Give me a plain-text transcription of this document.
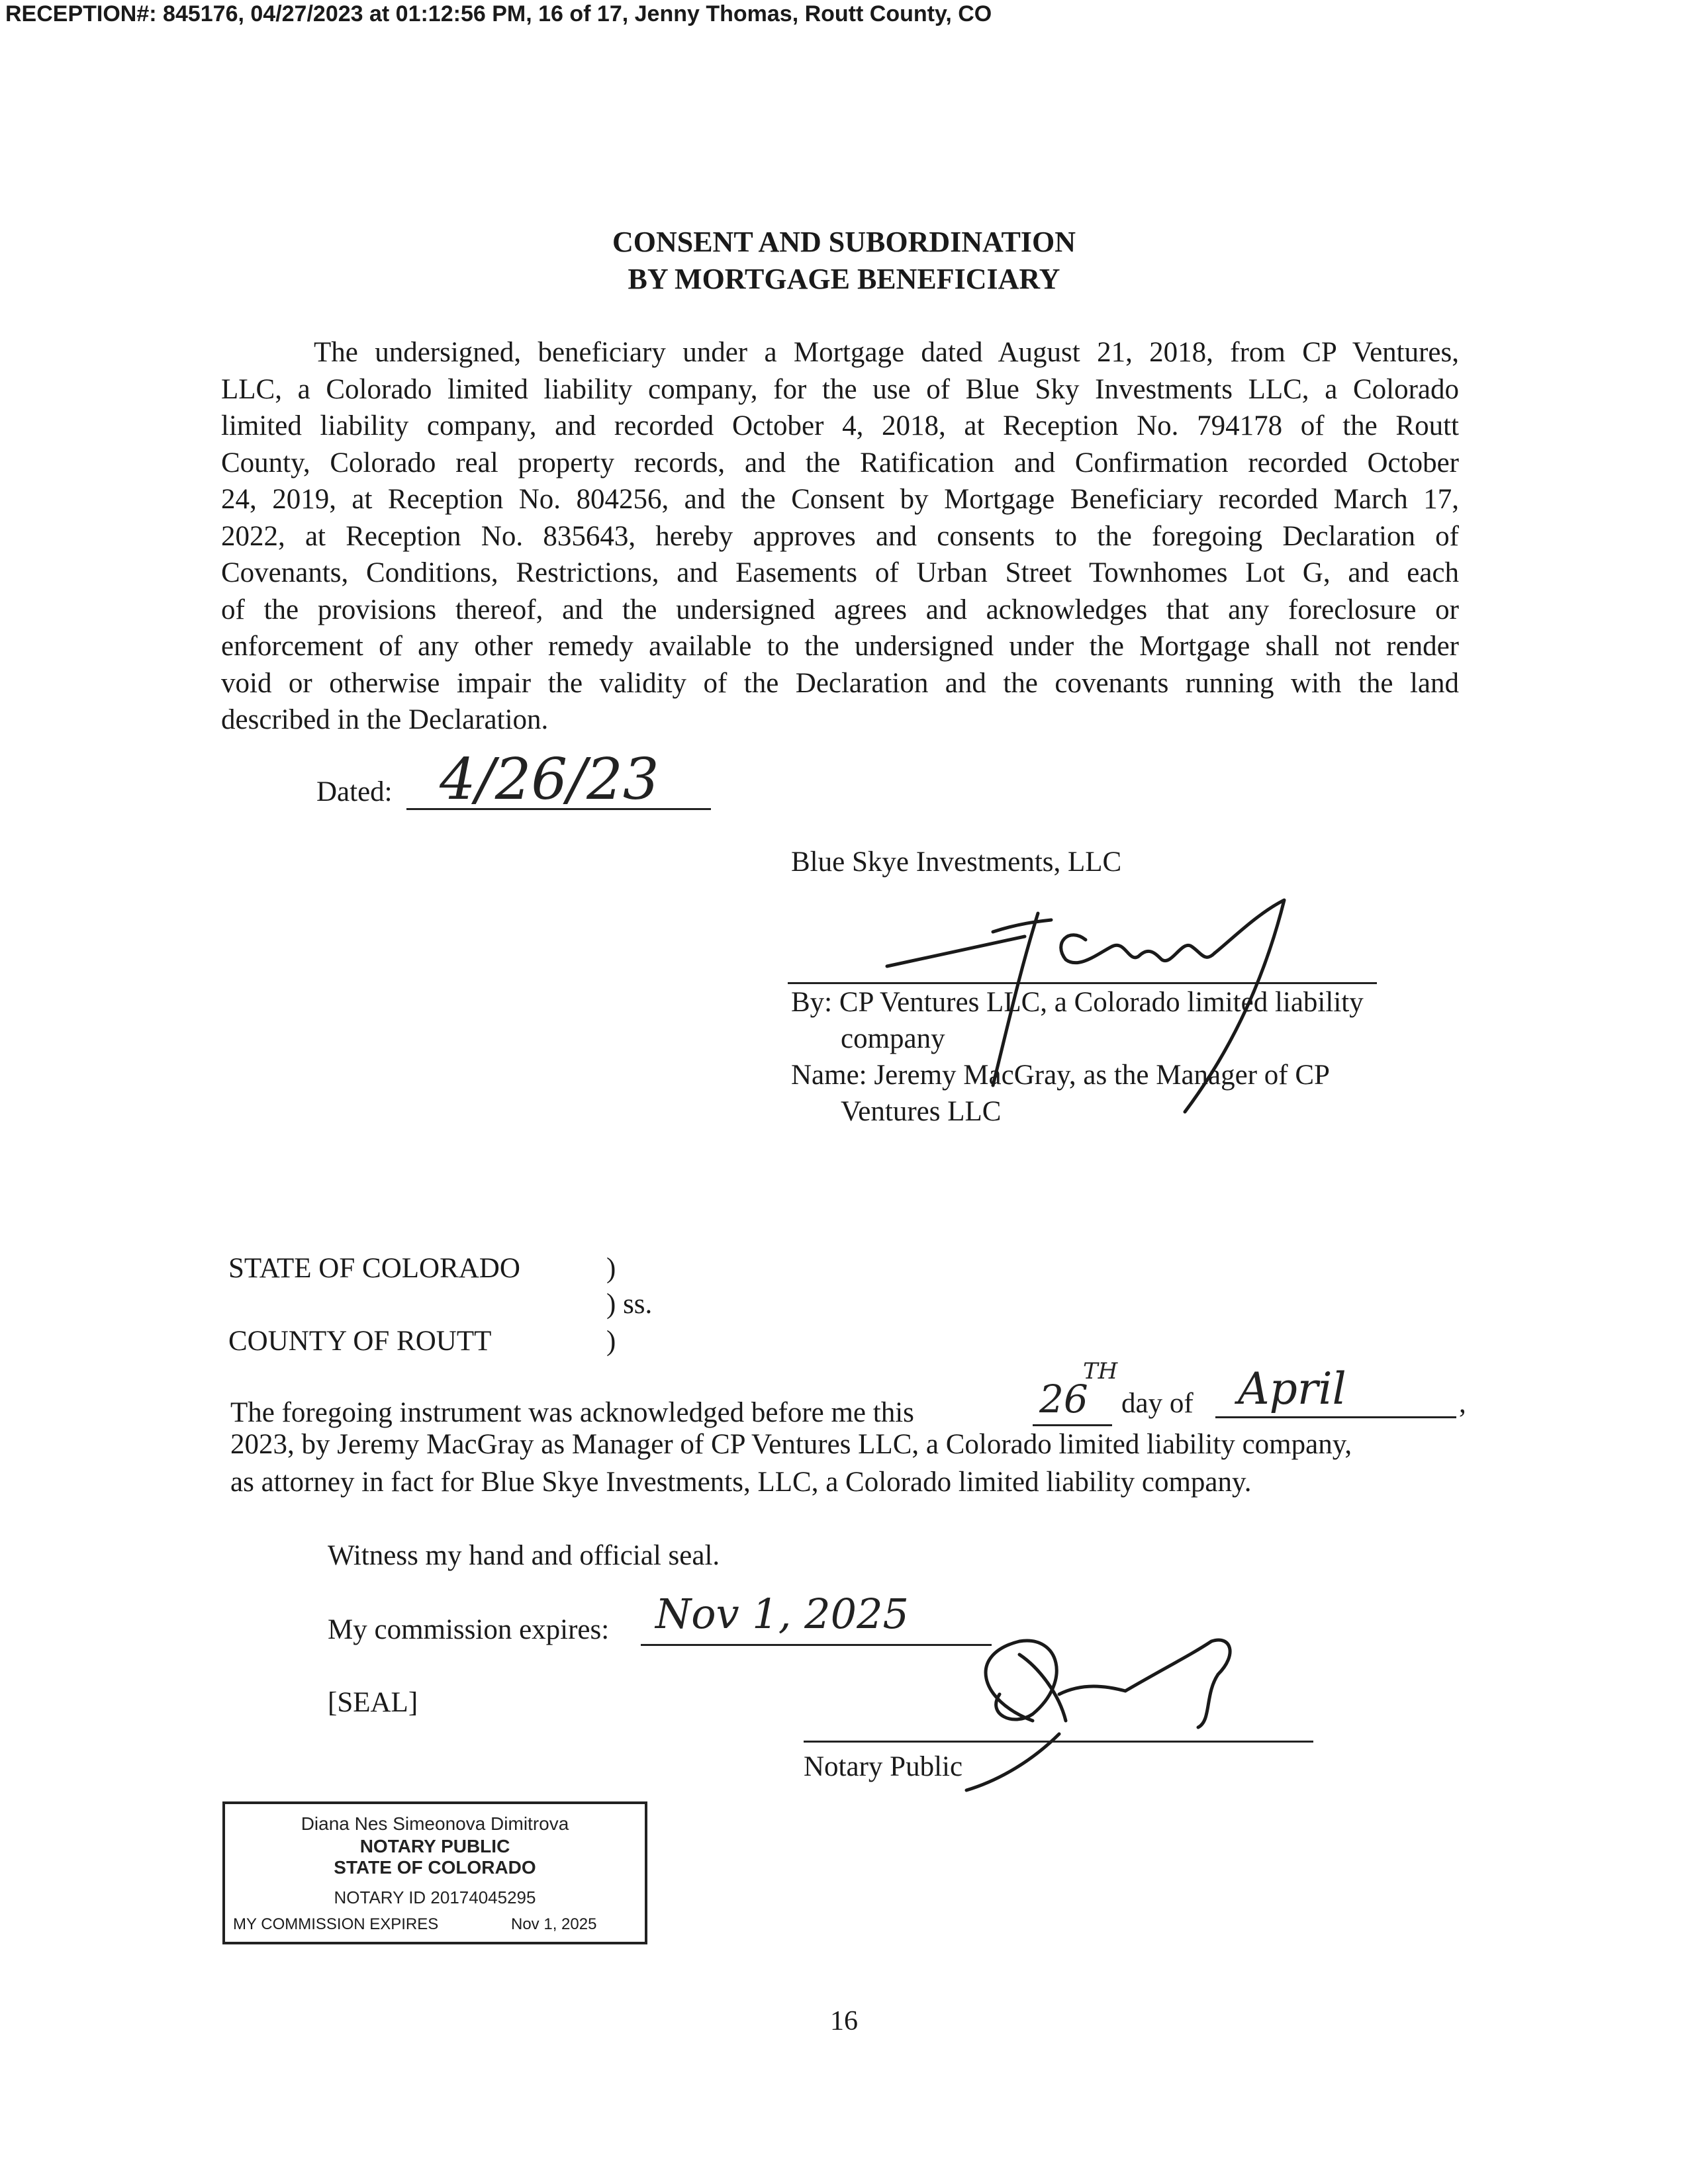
RECEPTION#: 845176, 04/27/2023 at 01:12:56 PM, 16 of 17, Jenny Thomas, Routt County, CO
CONSENT AND SUBORDINATION
BY MORTGAGE BENEFICIARY
The undersigned, beneficiary under a Mortgage dated August 21, 2018, from CP Ventures,
LLC, a Colorado limited liability company, for the use of Blue Sky Investments LLC, a Colorado
limited liability company, and recorded October 4, 2018, at Reception No. 794178 of the Routt
County, Colorado real property records, and the Ratification and Confirmation recorded October
24, 2019, at Reception No. 804256, and the Consent by Mortgage Beneficiary recorded March 17,
2022, at Reception No. 835643, hereby approves and consents to the foregoing Declaration of
Covenants, Conditions, Restrictions, and Easements of Urban Street Townhomes Lot G, and each
of the provisions thereof, and the undersigned agrees and acknowledges that any foreclosure or
enforcement of any other remedy available to the undersigned under the Mortgage shall not render
void or otherwise impair the validity of the Declaration and the covenants running with the land
described in the Declaration.
Dated: 4/26/23
Blue Skye Investments, LLC
By: CP Ventures LLC, a Colorado limited liability
company
Name: Jeremy MacGray, as the Manager of CP
Ventures LLC
STATE OF COLORADO	)
) ss.
COUNTY OF ROUTT	)
The foregoing instrument was acknowledged before me this	26
TH
day of April	,
2023, by Jeremy MacGray as Manager of CP Ventures LLC, a Colorado limited liability company,
as attorney in fact for Blue Skye Investments, LLC, a Colorado limited liability company.
Witness my hand and official seal.
My commission expires: Nov 1, 2025
[SEAL]
Notary Public
Diana Nes Simeonova Dimitrova
NOTARY PUBLIC
STATE OF COLORADO
NOTARY ID 20174045295
MY COMMISSION EXPIRES	Nov 1, 2025
16
